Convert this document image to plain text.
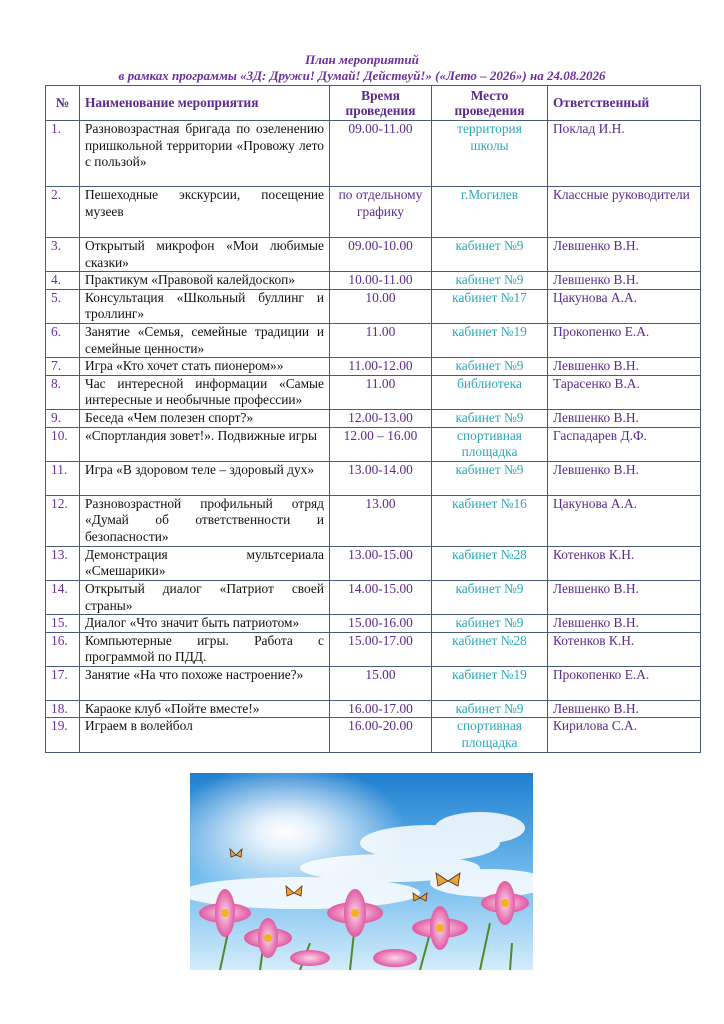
План мероприятий
в рамках программы «3Д: Дружи! Думай! Действуй!» («Лето – 2026») на 24.08.2026
№	Наименование мероприятия	Время проведения	Место проведения	Ответственный
1.	Разновозрастная бригада по озеленению пришкольной территории «Провожу лето с пользой»	09.00-11.00	территория школы	Поклад И.Н.
2.	Пешеходные экскурсии, посещение музеев	по отдельному графику	г.Могилев	Классные руководители
3.	Открытый микрофон «Мои любимые сказки»	09.00-10.00	кабинет №9	Левшенко В.Н.
4.	Практикум «Правовой калейдоскоп»	10.00-11.00	кабинет №9	Левшенко В.Н.
5.	Консультация «Школьный буллинг и троллинг»	10.00	кабинет №17	Цакунова А.А.
6.	Занятие «Семья, семейные традиции и семейные ценности»	11.00	кабинет №19	Прокопенко Е.А.
7.	Игра «Кто хочет стать пионером»»	11.00-12.00	кабинет №9	Левшенко В.Н.
8.	Час интересной информации «Самые интересные и необычные профессии»	11.00	библиотека	Тарасенко В.А.
9.	Беседа «Чем полезен спорт?»	12.00-13.00	кабинет №9	Левшенко В.Н.
10.	«Спортландия зовет!». Подвижные игры	12.00 – 16.00	спортивная площадка	Гаспадарев Д.Ф.
11.	Игра «В здоровом теле – здоровый дух»	13.00-14.00	кабинет №9	Левшенко В.Н.
12.	Разновозрастной профильный отряд «Думай об ответственности и безопасности»	13.00	кабинет №16	Цакунова А.А.
13.	Демонстрация мультсериала «Смешарики»	13.00-15.00	кабинет №28	Котенков К.Н.
14.	Открытый диалог «Патриот своей страны»	14.00-15.00	кабинет №9	Левшенко В.Н.
15.	Диалог «Что значит быть патриотом»	15.00-16.00	кабинет №9	Левшенко В.Н.
16.	Компьютерные игры. Работа с программой по ПДД.	15.00-17.00	кабинет №28	Котенков К.Н.
17.	Занятие «На что похоже настроение?»	15.00	кабинет №19	Прокопенко Е.А.
18.	Караоке клуб «Пойте вместе!»	16.00-17.00	кабинет №9	Левшенко В.Н.
19.	Играем в волейбол	16.00-20.00	спортивная площадка	Кирилова С.А.
